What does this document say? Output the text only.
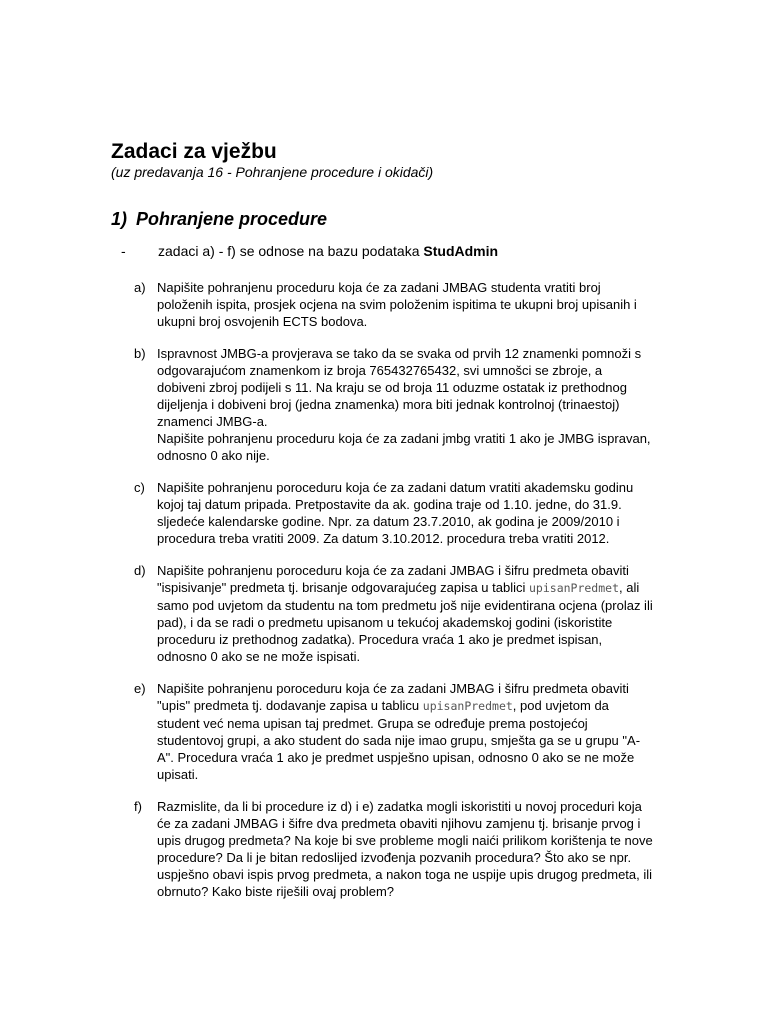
Zadaci za vježbu

(uz predavanja 16 - Pohranjene procedure i okidači)

1) Pohranjene procedure
- zadaci a) - f) se odnose na bazu podataka StudAdmin
a) Napišite pohranjenu proceduru koja će za zadani JMBAG studenta vratiti broj
položenih ispita, prosjek ocjena na svim položenim ispitima te ukupni broj upisanih i
ukupni broj osvojenih ECTS bodova.
b) Ispravnost JMBG-a provjerava se tako da se svaka od prvih 12 znamenki pomnoži s
odgovarajućom znamenkom iz broja 765432765432, svi umnošci se zbroje, a
dobiveni zbroj podijeli s 11. Na kraju se od broja 11 oduzme ostatak iz prethodnog
dijeljenja i dobiveni broj (jedna znamenka) mora biti jednak kontrolnoj (trinaestoj)
znamenci JMBG-a.
Napišite pohranjenu proceduru koja će za zadani jmbg vratiti 1 ako je JMBG ispravan,
odnosno 0 ako nije.
c) Napišite pohranjenu poroceduru koja će za zadani datum vratiti akademsku godinu
kojoj taj datum pripada. Pretpostavite da ak. godina traje od 1.10. jedne, do 31.9.
sljedeće kalendarske godine. Npr. za datum 23.7.2010, ak godina je 2009/2010 i
procedura treba vratiti 2009. Za datum 3.10.2012. procedura treba vratiti 2012.
d) Napišite pohranjenu poroceduru koja će za zadani JMBAG i šifru predmeta obaviti
"ispisivanje" predmeta tj. brisanje odgovarajućeg zapisa u tablici upisanPredmet, ali
samo pod uvjetom da studentu na tom predmetu još nije evidentirana ocjena (prolaz ili
pad), i da se radi o predmetu upisanom u tekućoj akademskoj godini (iskoristite
proceduru iz prethodnog zadatka). Procedura vraća 1 ako je predmet ispisan,
odnosno 0 ako se ne može ispisati.
e) Napišite pohranjenu poroceduru koja će za zadani JMBAG i šifru predmeta obaviti
"upis" predmeta tj. dodavanje zapisa u tablicu upisanPredmet, pod uvjetom da
student već nema upisan taj predmet. Grupa se određuje prema postojećoj
studentovoj grupi, a ako student do sada nije imao grupu, smješta ga se u grupu "A-
A". Procedura vraća 1 ako je predmet uspješno upisan, odnosno 0 ako se ne može
upisati.
f) Razmislite, da li bi procedure iz d) i e) zadatka mogli iskoristiti u novoj proceduri koja
će za zadani JMBAG i šifre dva predmeta obaviti njihovu zamjenu tj. brisanje prvog i
upis drugog predmeta? Na koje bi sve probleme mogli naići prilikom korištenja te nove
procedure? Da li je bitan redoslijed izvođenja pozvanih procedura? Što ako se npr.
uspješno obavi ispis prvog predmeta, a nakon toga ne uspije upis drugog predmeta, ili
obrnuto? Kako biste riješili ovaj problem?
